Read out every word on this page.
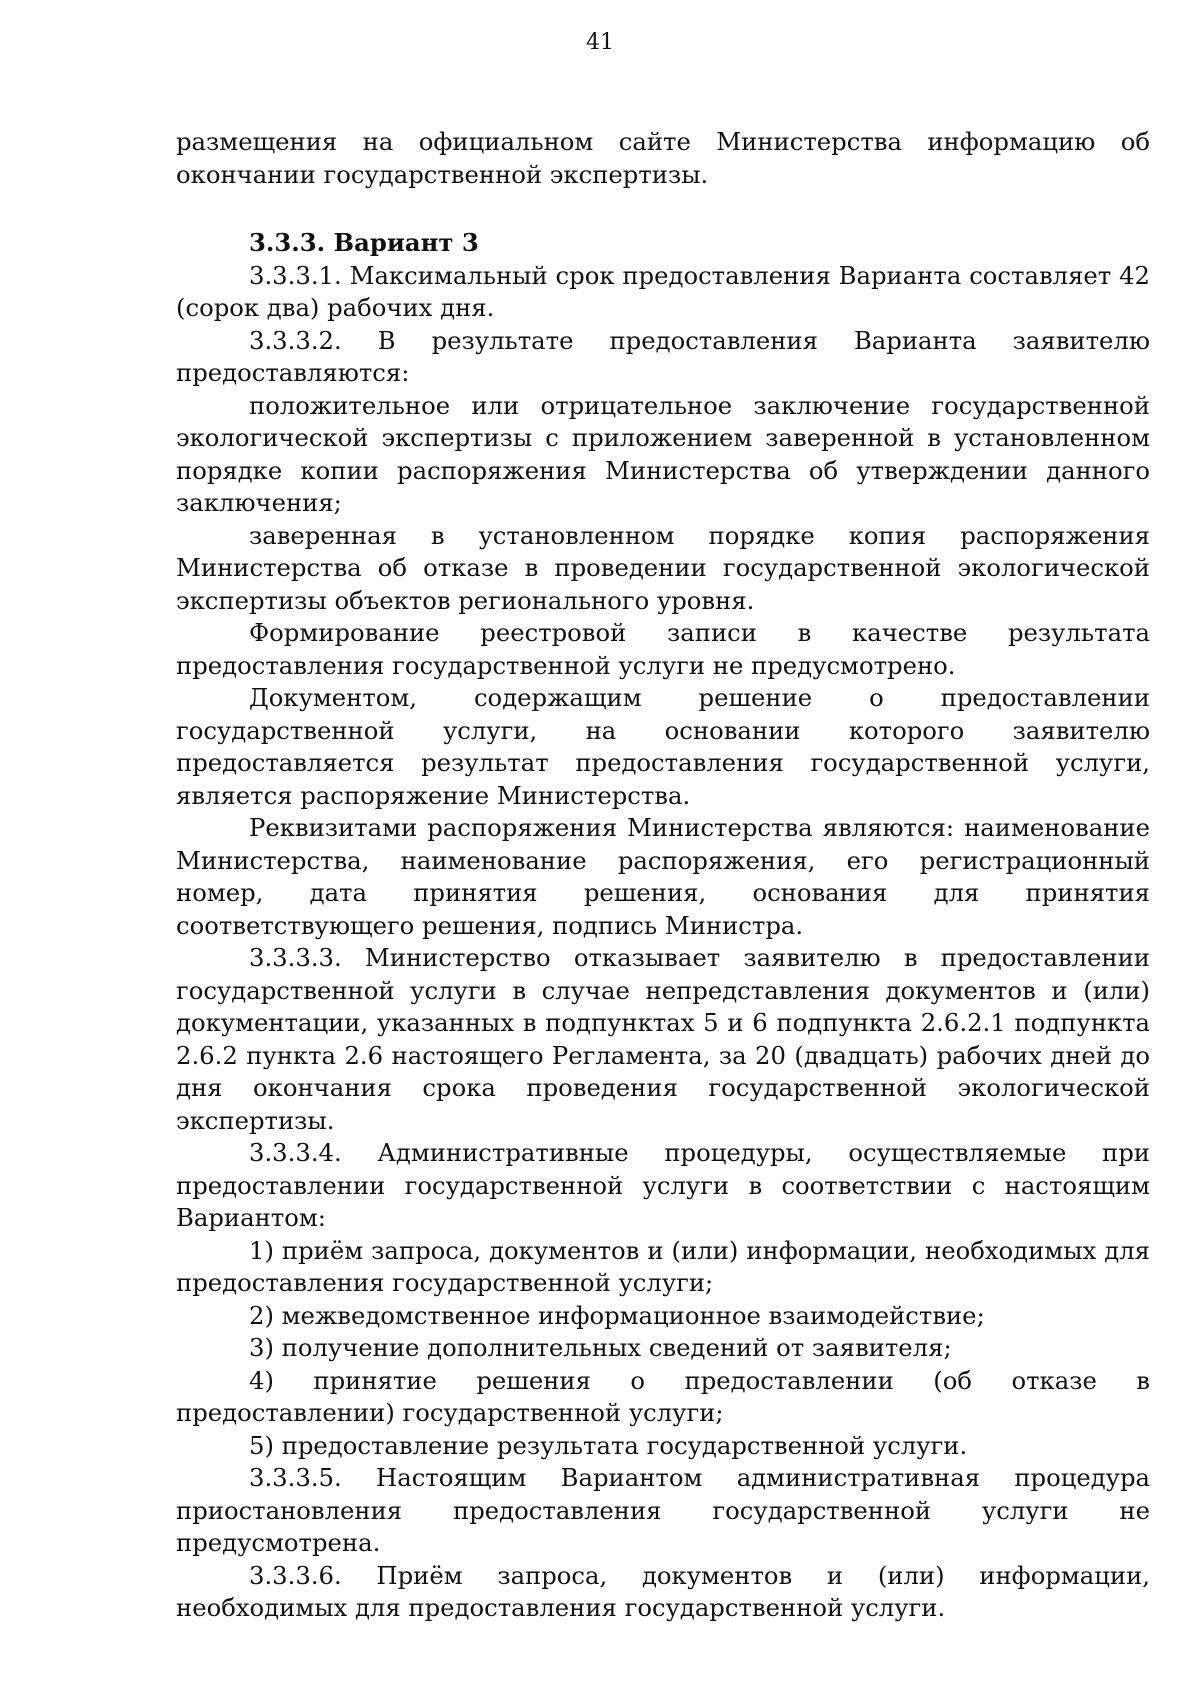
41

размещения на официальном сайте Министерства информацию об окончании государственной экспертизы.

3.3.3. Вариант 3

3.3.3.1. Максимальный срок предоставления Варианта составляет 42 (сорок два) рабочих дня.

3.3.3.2. В результате предоставления Варианта заявителю предоставляются:

положительное или отрицательное заключение государственной экологической экспертизы с приложением заверенной в установленном порядке копии распоряжения Министерства об утверждении данного заключения;

заверенная в установленном порядке копия распоряжения Министерства об отказе в проведении государственной экологической экспертизы объектов регионального уровня.

Формирование реестровой записи в качестве результата предоставления государственной услуги не предусмотрено.

Документом, содержащим решение о предоставлении государственной услуги, на основании которого заявителю предоставляется результат предоставления государственной услуги, является распоряжение Министерства.

Реквизитами распоряжения Министерства являются: наименование Министерства, наименование распоряжения, его регистрационный номер, дата принятия решения, основания для принятия соответствующего решения, подпись Министра.

3.3.3.3. Министерство отказывает заявителю в предоставлении государственной услуги в случае непредставления документов и (или) документации, указанных в подпунктах 5 и 6 подпункта 2.6.2.1 подпункта 2.6.2 пункта 2.6 настоящего Регламента, за 20 (двадцать) рабочих дней до дня окончания срока проведения государственной экологической экспертизы.

3.3.3.4. Административные процедуры, осуществляемые при предоставлении государственной услуги в соответствии с настоящим Вариантом:

1) приём запроса, документов и (или) информации, необходимых для предоставления государственной услуги;

2) межведомственное информационное взаимодействие;

3) получение дополнительных сведений от заявителя;

4) принятие решения о предоставлении (об отказе в предоставлении) государственной услуги;

5) предоставление результата государственной услуги.

3.3.3.5. Настоящим Вариантом административная процедура приостановления предоставления государственной услуги не предусмотрена.

3.3.3.6. Приём запроса, документов и (или) информации, необходимых для предоставления государственной услуги.
